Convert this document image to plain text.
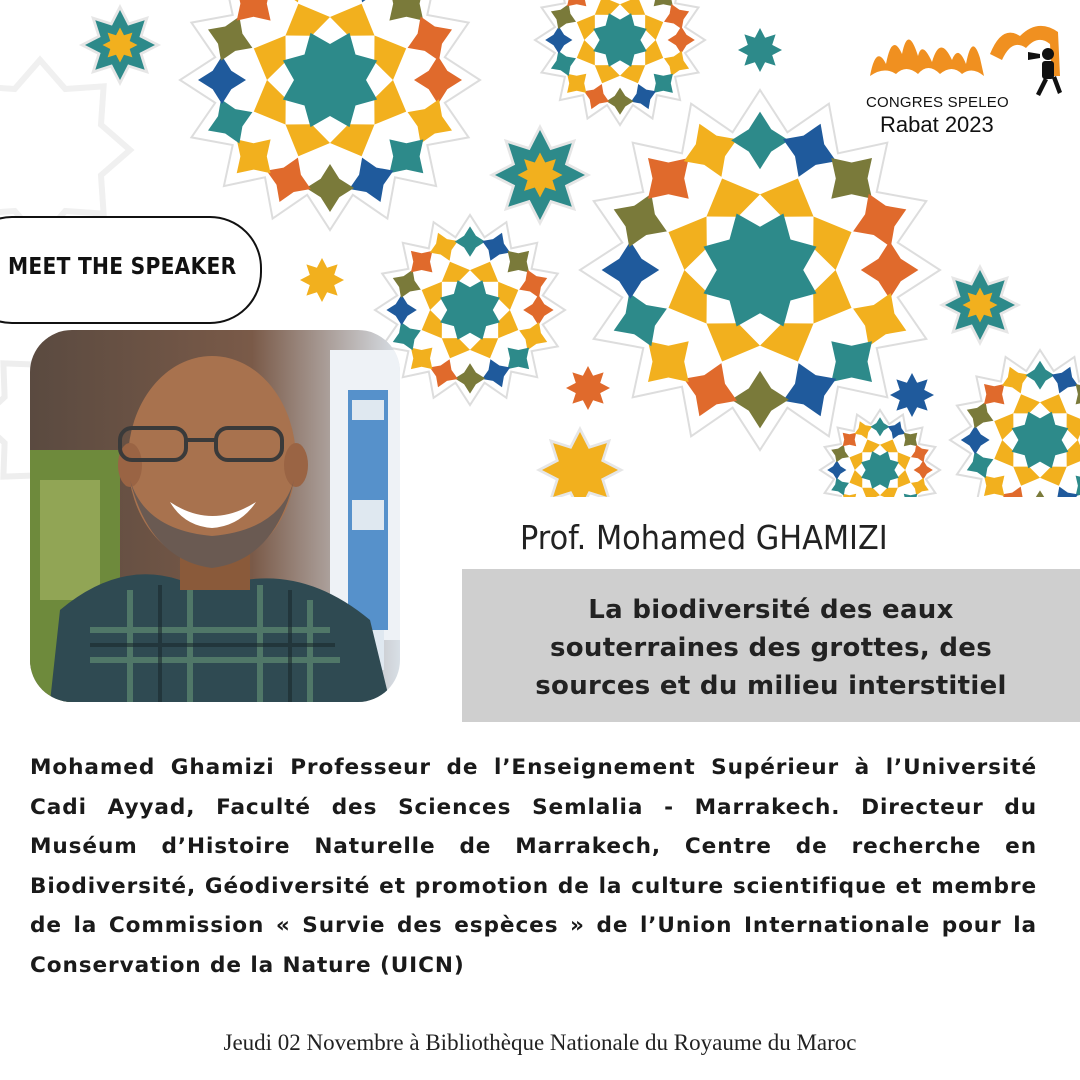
CONGRES SPELEO
Rabat 2023
MEET THE SPEAKER
Prof. Mohamed GHAMIZI
La biodiversité des eaux
souterraines des grottes, des
sources et du milieu interstitiel
Mohamed Ghamizi Professeur de l’Enseignement Supérieur à l’Université Cadi Ayyad, Faculté des Sciences Semlalia - Marrakech. Directeur du Muséum d’Histoire Naturelle de Marrakech, Centre de recherche en Biodiversité, Géodiversité et promotion de la culture scientifique et membre de la Commission « Survie des espèces » de l’Union Internationale pour la Conservation de la Nature (UICN)
Jeudi 02 Novembre à Bibliothèque Nationale du Royaume du Maroc
